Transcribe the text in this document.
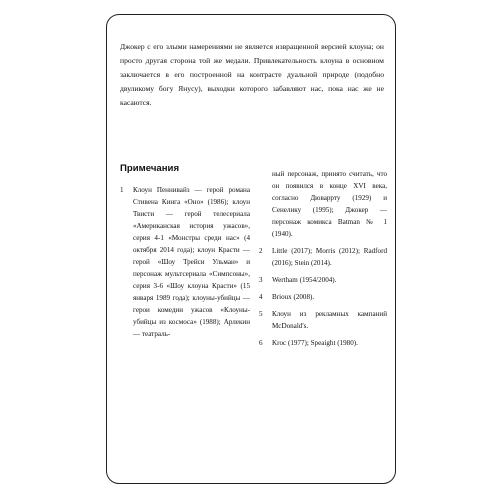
Джокер с его злыми намерениями не является извращенной версией клоуна; он просто другая сторона той же медали. Привлекательность клоуна в основном заключается в его построенной на контрасте дуальной природе (подобно двуликому богу Янусу), выходки которого забавляют нас, пока нас же не касаются.

Примечания
1 Клоун Пеннивайз — герой романа Стивена Кинга «Оно» (1986); клоун Твисти — герой телесериала «Американская история ужасов», серия 4-1 «Монстры среди нас» (4 октября 2014 года); клоун Красти — герой «Шоу Трейси Ульман» и персонаж мультсериала «Симпсоны», серия 3-6 «Шоу клоуна Красти» (15 января 1989 года); клоуны-убийцы — герои комедии ужасов «Клоуны-убийцы из космоса» (1988); Арлекин — театраль-
ный персонаж, принято считать, что он появился в конце XVI века, согласно Дюваррту (1929) и Сенелику (1995); Джокер — персонаж комикса Batman № 1 (1940).
2 Little (2017); Morris (2012); Radford (2016); Stein (2014).
3 Wertham (1954/2004).
4 Brioux (2008).
5 Клоун из рекламных кампаний McDonald's.
6 Kroc (1977); Speaight (1980).
